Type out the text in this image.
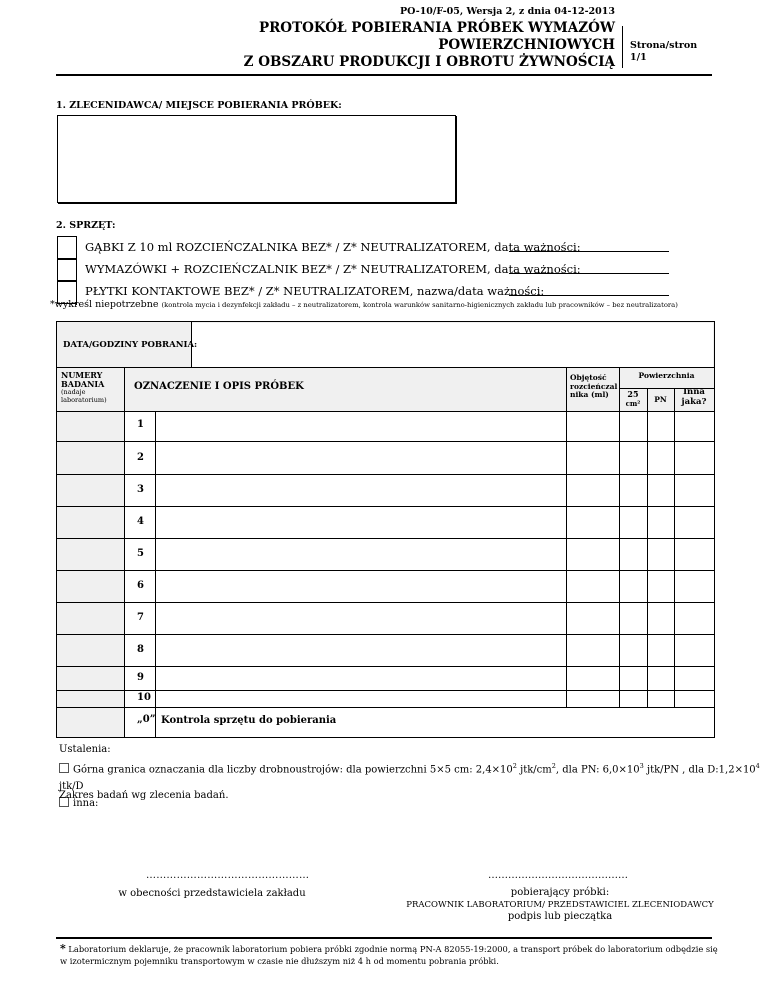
PO-10/F-05, Wersja 2, z dnia 04-12-2013
PROTOKÓŁ POBIERANIA PRÓBEK WYMAZÓW POWIERZCHNIOWYCH
Z OBSZARU PRODUKCJI I OBROTU ŻYWNOŚCIĄ
Strona/stron
1/1
1. ZLECENIDAWCA/ MIEJSCE POBIERANIA PRÓBEK:
2. SPRZĘT:
GĄBKI Z 10 ml ROZCIEŃCZALNIKA BEZ* / Z* NEUTRALIZATOREM, data ważności:
WYMAZÓWKI + ROZCIEŃCZALNIK BEZ* / Z* NEUTRALIZATOREM, data ważności:
PŁYTKI KONTAKTOWE BEZ* / Z* NEUTRALIZATOREM, nazwa/data ważności:
*wykreśl niepotrzebne (kontrola mycia i dezynfekcji zakładu – z neutralizatorem, kontrola warunków sanitarno-higienicznych zakładu lub pracowników – bez neutralizatora)
DATA/GODZINY POBRANIA:
NUMERY
BADANIA
(nadaje
laboratorium)
OZNACZENIE I OPIS PRÓBEK
Objętość
rozcieńczal
nika (ml)
Powierzchnia
25
cm²	PN
Inna
jaka?
1
2
3
4
5
6
7
8
9
10
„0” Kontrola sprzętu do pobierania
Ustalenia:
Górna granica oznaczania dla liczby drobnoustrojów: dla powierzchni 5×5 cm: $2,4\times 10^2$ jtk/$cm^2$, dla PN: $6,0\times 10^3$ jtk/PN , dla $D:1,2\times 10^4$ jtk/D
inna:
Zakres badań wg zlecenia badań.
…………………………………………
w obecności przedstawiciela zakładu
……………………………………
pobierający próbki:
PRACOWNIK LABORATORIUM/ PRZEDSTAWICIEL ZLECENIODAWCY
podpis lub pieczątka
* Laboratorium deklaruje, że pracownik laboratorium pobiera próbki zgodnie normą PN-A 82055-19:2000, a transport próbek do laboratorium odbędzie się
w izotermicznym pojemniku transportowym w czasie nie dłuższym niż 4 h od momentu pobrania próbki.
